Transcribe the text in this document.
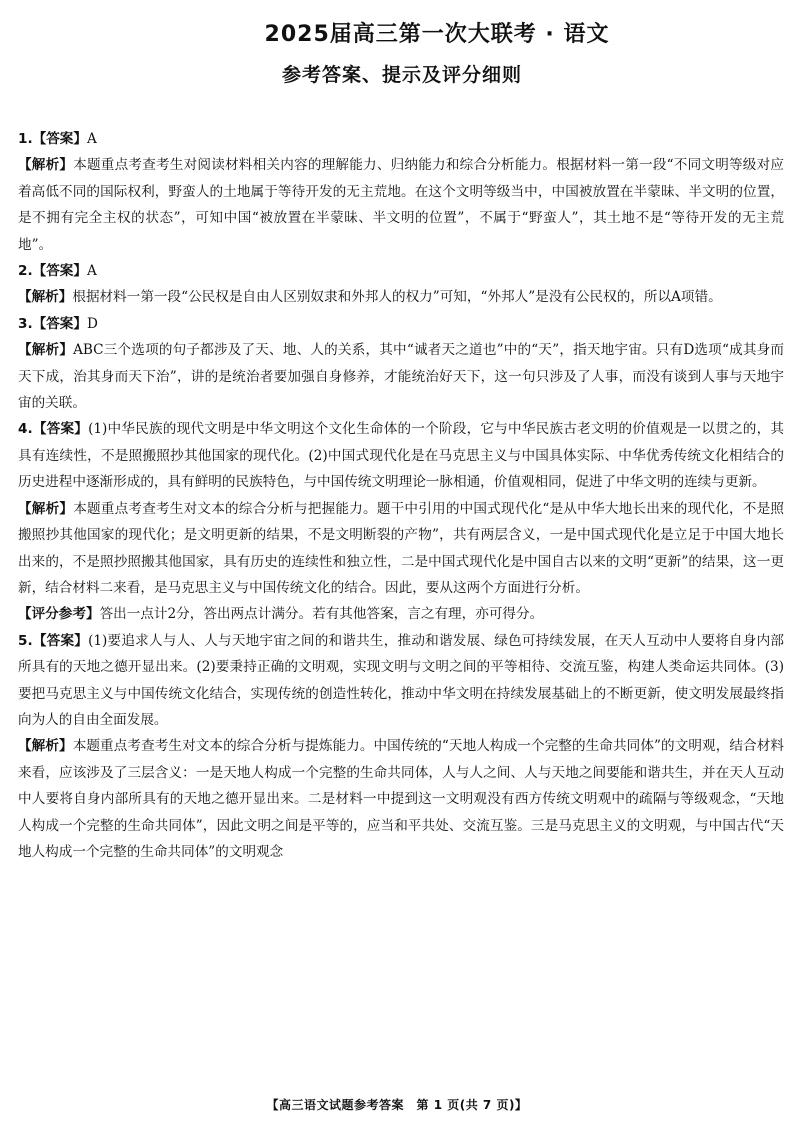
2025届高三第一次大联考 · 语文
参考答案、提示及评分细则

1.【答案】A

【解析】本题重点考查考生对阅读材料相关内容的理解能力、归纳能力和综合分析能力。根据材料一第一段“不同文明等级对应着高低不同的国际权利，野蛮人的土地属于等待开发的无主荒地。在这个文明等级当中，中国被放置在半蒙昧、半文明的位置，是不拥有完全主权的状态”，可知中国“被放置在半蒙昧、半文明的位置”，不属于“野蛮人”，其土地不是“等待开发的无主荒地”。

2.【答案】A

【解析】根据材料一第一段“公民权是自由人区别奴隶和外邦人的权力”可知，“外邦人”是没有公民权的，所以A项错。

3.【答案】D

【解析】ABC三个选项的句子都涉及了天、地、人的关系，其中“诚者天之道也”中的“天”，指天地宇宙。只有D选项“成其身而天下成，治其身而天下治”，讲的是统治者要加强自身修养，才能统治好天下，这一句只涉及了人事，而没有谈到人事与天地宇宙的关联。

4.【答案】(1)中华民族的现代文明是中华文明这个文化生命体的一个阶段，它与中华民族古老文明的价值观是一以贯之的，其具有连续性，不是照搬照抄其他国家的现代化。(2)中国式现代化是在马克思主义与中国具体实际、中华优秀传统文化相结合的历史进程中逐渐形成的，具有鲜明的民族特色，与中国传统文明理论一脉相通，价值观相同，促进了中华文明的连续与更新。

【解析】本题重点考查考生对文本的综合分析与把握能力。题干中引用的中国式现代化“是从中华大地长出来的现代化，不是照搬照抄其他国家的现代化；是文明更新的结果，不是文明断裂的产物”，共有两层含义，一是中国式现代化是立足于中国大地长出来的，不是照抄照搬其他国家，具有历史的连续性和独立性，二是中国式现代化是中国自古以来的文明“更新”的结果，这一更新，结合材料二来看，是马克思主义与中国传统文化的结合。因此，要从这两个方面进行分析。

【评分参考】答出一点计2分，答出两点计满分。若有其他答案，言之有理，亦可得分。

5.【答案】(1)要追求人与人、人与天地宇宙之间的和谐共生，推动和谐发展、绿色可持续发展，在天人互动中人要将自身内部所具有的天地之德开显出来。(2)要秉持正确的文明观，实现文明与文明之间的平等相待、交流互鉴，构建人类命运共同体。(3)要把马克思主义与中国传统文化结合，实现传统的创造性转化，推动中华文明在持续发展基础上的不断更新，使文明发展最终指向为人的自由全面发展。

【解析】本题重点考查考生对文本的综合分析与提炼能力。中国传统的“天地人构成一个完整的生命共同体”的文明观，结合材料来看，应该涉及了三层含义：一是天地人构成一个完整的生命共同体，人与人之间、人与天地之间要能和谐共生，并在天人互动中人要将自身内部所具有的天地之德开显出来。二是材料一中提到这一文明观没有西方传统文明观中的疏隔与等级观念，“天地人构成一个完整的生命共同体”，因此文明之间是平等的，应当和平共处、交流互鉴。三是马克思主义的文明观，与中国古代“天地人构成一个完整的生命共同体”的文明观念

【高三语文试题参考答案　第 1 页(共 7 页)】
